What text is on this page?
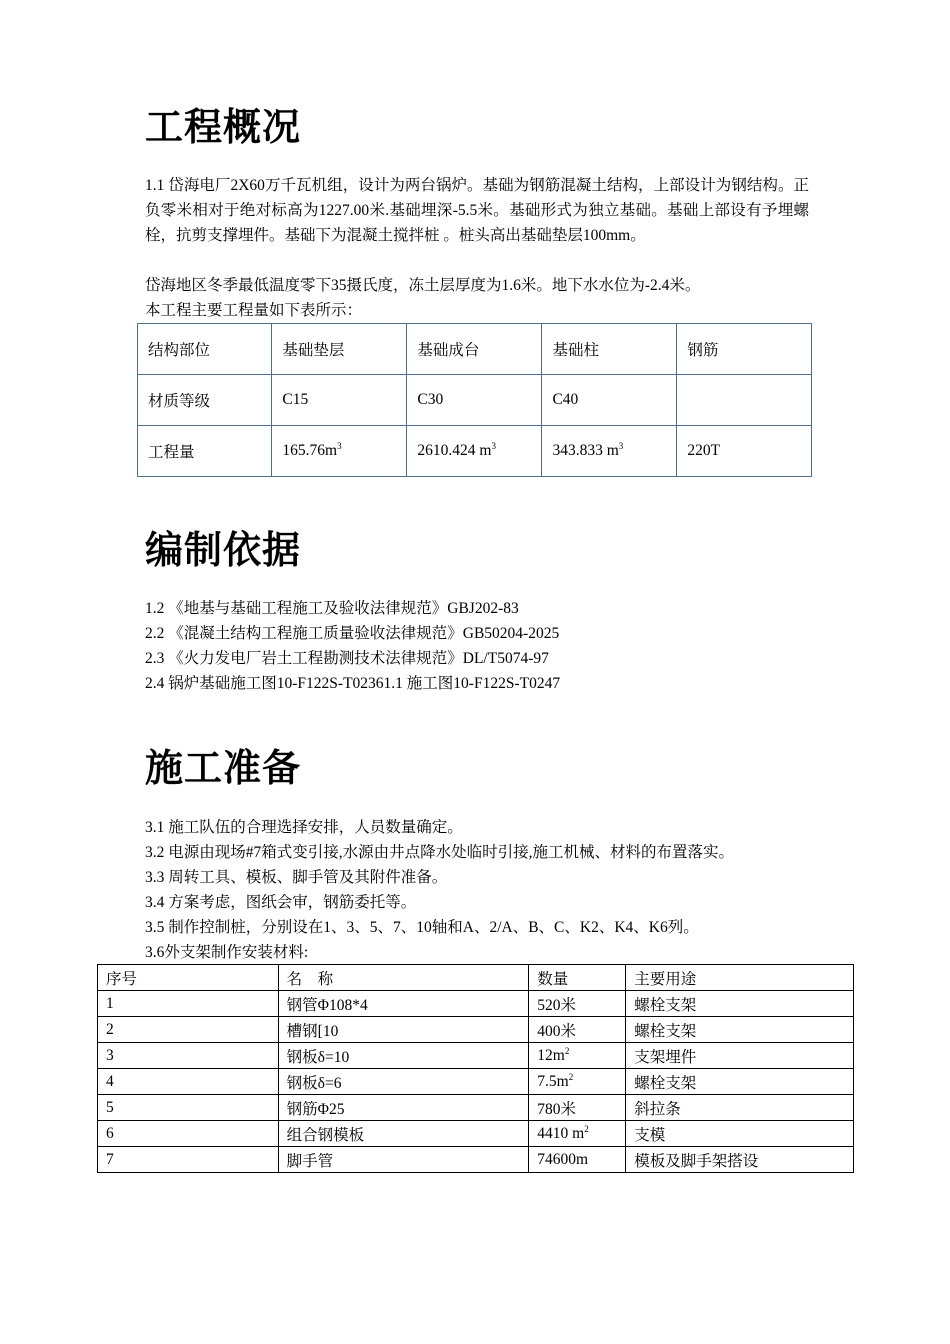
工程概况

1.1 岱海电厂2X60万千瓦机组，设计为两台锅炉。基础为钢筋混凝土结构，上部设计为钢结构。正负零米相对于绝对标高为1227.00米.基础埋深-5.5米。基础形式为独立基础。基础上部设有予埋螺栓，抗剪支撑埋件。基础下为混凝土搅拌桩 。桩头高出基础垫层100mm。

岱海地区冬季最低温度零下35摄氏度，冻土层厚度为1.6米。地下水水位为-2.4米。

本工程主要工程量如下表所示：

结构部位	基础垫层	基础成台	基础柱	钢筋
材质等级	C15	C30	C40	
工程量	$165.76m^3$	2610.424 $m^3$	343.833 $m^3$	220T
编制依据

1.2 《地基与基础工程施工及验收法律规范》GBJ202-83

2.2 《混凝土结构工程施工质量验收法律规范》GB50204-2025

2.3 《火力发电厂岩土工程勘测技术法律规范》DL/T5074-97

2.4 锅炉基础施工图10-F122S-T02361.1 施工图10-F122S-T0247

施工准备

3.1 施工队伍的合理选择安排，人员数量确定。

3.2 电源由现场#7箱式变引接,水源由井点降水处临时引接,施工机械、材料的布置落实。

3.3 周转工具、模板、脚手管及其附件准备。

3.4 方案考虑，图纸会审，钢筋委托等。

3.5 制作控制桩，分别设在1、3、5、7、10轴和A、2/A、B、C、K2、K4、K6列。

3.6外支架制作安装材料:

序号	名　称	数量	主要用途
1	钢管Φ108*4	520米	螺栓支架
2	槽钢[10	400米	螺栓支架
3	钢板δ=10	$12m^2$	支架埋件
4	钢板δ=6	$7.5m^2$	螺栓支架
5	钢筋Φ25	780米	斜拉条
6	组合钢模板	4410 $m^2$	支模
7	脚手管	74600m	模板及脚手架搭设
